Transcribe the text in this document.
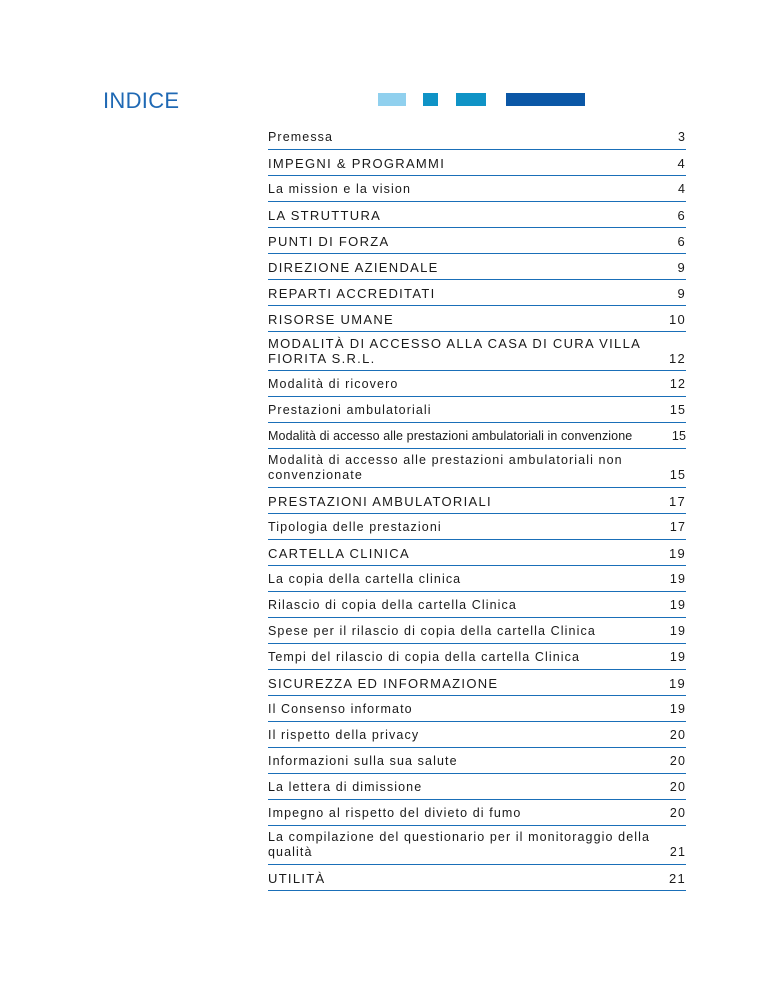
INDICE
Premessa	3
IMPEGNI & PROGRAMMI	4
La mission e la vision	4
LA STRUTTURA	6
PUNTI DI FORZA	6
DIREZIONE AZIENDALE	9
REPARTI ACCREDITATI	9
RISORSE UMANE	10
MODALITÀ DI ACCESSO ALLA CASA DI CURA VILLA FIORITA S.R.L.	12
Modalità di ricovero	12
Prestazioni ambulatoriali	15
Modalità di accesso alle prestazioni ambulatoriali in convenzione	15
Modalità di accesso alle prestazioni ambulatoriali non convenzionate	15
PRESTAZIONI AMBULATORIALI	17
Tipologia delle prestazioni	17
CARTELLA CLINICA	19
La copia della cartella clinica	19
Rilascio di copia della cartella Clinica	19
Spese per il rilascio di copia della cartella Clinica	19
Tempi del rilascio di copia della cartella Clinica	19
SICUREZZA ED INFORMAZIONE	19
Il Consenso informato	19
Il rispetto della privacy	20
Informazioni sulla sua salute	20
La lettera di dimissione	20
Impegno al rispetto del divieto di fumo	20
La compilazione del questionario per il monitoraggio della qualità	21
UTILITÀ	21
